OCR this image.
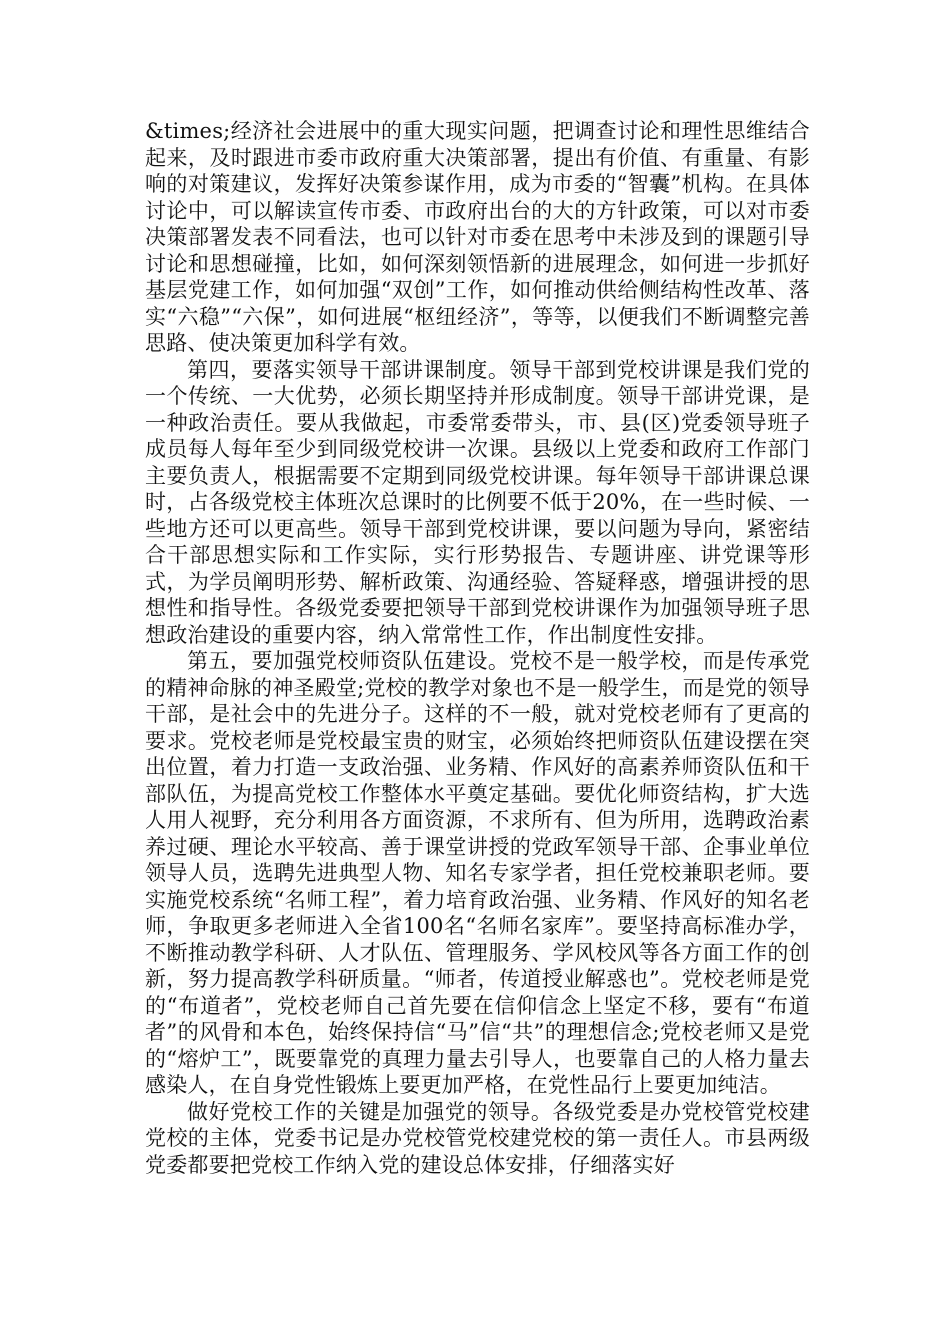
&times;经济社会进展中的重大现实问题，把调查讨论和理性思维结合起来，及时跟进市委市政府重大决策部署，提出有价值、有重量、有影响的对策建议，发挥好决策参谋作用，成为市委的“智囊”机构。在具体讨论中，可以解读宣传市委、市政府出台的大的方针政策，可以对市委决策部署发表不同看法，也可以针对市委在思考中未涉及到的课题引导讨论和思想碰撞，比如，如何深刻领悟新的进展理念，如何进一步抓好基层党建工作，如何加强“双创”工作，如何推动供给侧结构性改革、落实“六稳”“六保”，如何进展“枢纽经济”，等等，以便我们不断调整完善思路、使决策更加科学有效。

第四，要落实领导干部讲课制度。领导干部到党校讲课是我们党的一个传统、一大优势，必须长期坚持并形成制度。领导干部讲党课，是一种政治责任。要从我做起，市委常委带头，市、县(区)党委领导班子成员每人每年至少到同级党校讲一次课。县级以上党委和政府工作部门主要负责人，根据需要不定期到同级党校讲课。每年领导干部讲课总课时，占各级党校主体班次总课时的比例要不低于20%，在一些时候、一些地方还可以更高些。领导干部到党校讲课，要以问题为导向，紧密结合干部思想实际和工作实际，实行形势报告、专题讲座、讲党课等形式，为学员阐明形势、解析政策、沟通经验、答疑释惑，增强讲授的思想性和指导性。各级党委要把领导干部到党校讲课作为加强领导班子思想政治建设的重要内容，纳入常常性工作，作出制度性安排。

第五，要加强党校师资队伍建设。党校不是一般学校，而是传承党的精神命脉的神圣殿堂;党校的教学对象也不是一般学生，而是党的领导干部，是社会中的先进分子。这样的不一般，就对党校老师有了更高的要求。党校老师是党校最宝贵的财宝，必须始终把师资队伍建设摆在突出位置，着力打造一支政治强、业务精、作风好的高素养师资队伍和干部队伍，为提高党校工作整体水平奠定基础。要优化师资结构，扩大选人用人视野，充分利用各方面资源，不求所有、但为所用，选聘政治素养过硬、理论水平较高、善于课堂讲授的党政军领导干部、企事业单位领导人员，选聘先进典型人物、知名专家学者，担任党校兼职老师。要实施党校系统“名师工程”，着力培育政治强、业务精、作风好的知名老师，争取更多老师进入全省100名“名师名家库”。要坚持高标准办学，不断推动教学科研、人才队伍、管理服务、学风校风等各方面工作的创新，努力提高教学科研质量。“师者，传道授业解惑也”。党校老师是党的“布道者”，党校老师自己首先要在信仰信念上坚定不移，要有“布道者”的风骨和本色，始终保持信“马”信“共”的理想信念;党校老师又是党的“熔炉工”，既要靠党的真理力量去引导人，也要靠自己的人格力量去感染人，在自身党性锻炼上要更加严格，在党性品行上要更加纯洁。

做好党校工作的关键是加强党的领导。各级党委是办党校管党校建党校的主体，党委书记是办党校管党校建党校的第一责任人。市县两级党委都要把党校工作纳入党的建设总体安排，仔细落实好
